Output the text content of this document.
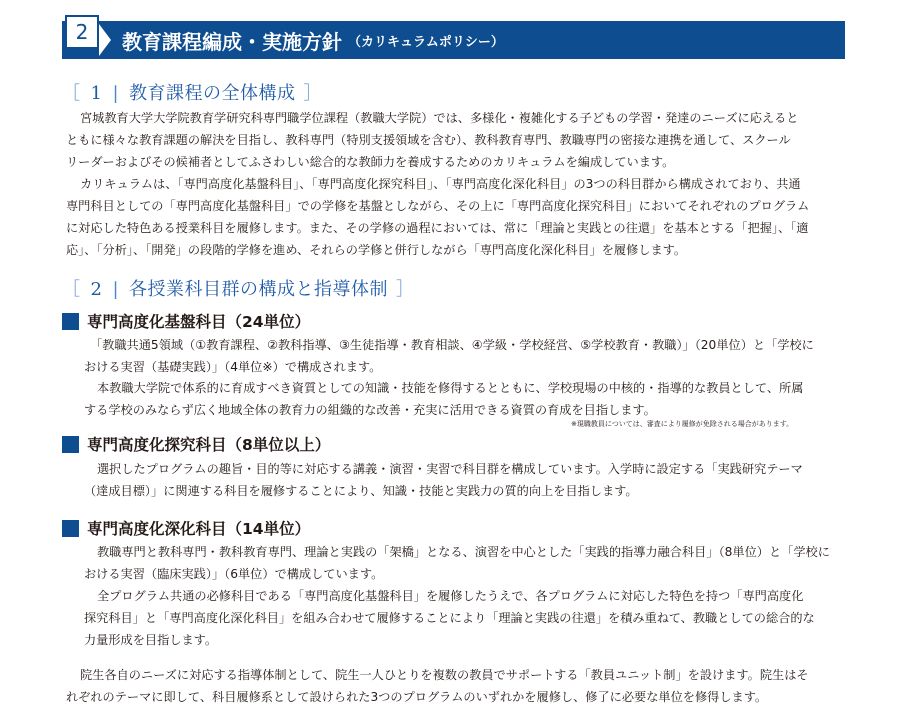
2 教育課程編成・実施方針 （カリキュラムポリシー）
［ 1 | 教育課程の全体構成 ］
宮城教育大学大学院教育学研究科専門職学位課程（教職大学院）では、多様化・複雑化する子どもの学習・発達のニーズに応えると
ともに様々な教育課題の解決を目指し、教科専門（特別支援領域を含む）、教科教育専門、教職専門の密接な連携を通して、スクール
リーダーおよびその候補者としてふさわしい総合的な教師力を養成するためのカリキュラムを編成しています。
カリキュラムは、「専門高度化基盤科目」、「専門高度化探究科目」、「専門高度化深化科目」の3つの科目群から構成されており、共通
専門科目としての「専門高度化基盤科目」での学修を基盤としながら、その上に「専門高度化探究科目」においてそれぞれのプログラム
に対応した特色ある授業科目を履修します。また、その学修の過程においては、常に「理論と実践との往還」を基本とする「把握」、「適
応」、「分析」、「開発」の段階的学修を進め、それらの学修と併行しながら「専門高度化深化科目」を履修します。
［ 2 | 各授業科目群の構成と指導体制 ］
専門高度化基盤科目（24単位）
「教職共通5領域（①教育課程、②教科指導、③生徒指導・教育相談、④学級・学校経営、⑤学校教育・教職）」（20単位）と「学校に
おける実習（基礎実践）」（4単位※）で構成されます。
本教職大学院で体系的に育成すべき資質としての知識・技能を修得するとともに、学校現場の中核的・指導的な教員として、所属
する学校のみならず広く地域全体の教育力の組織的な改善・充実に活用できる資質の育成を目指します。
※現職教員については、審査により履修が免除される場合があります。
専門高度化探究科目（8単位以上）
選択したプログラムの趣旨・目的等に対応する講義・演習・実習で科目群を構成しています。入学時に設定する「実践研究テーマ
（達成目標）」に関連する科目を履修することにより、知識・技能と実践力の質的向上を目指します。
専門高度化深化科目（14単位）
教職専門と教科専門・教科教育専門、理論と実践の「架橋」となる、演習を中心とした「実践的指導力融合科目」（8単位）と「学校に
おける実習（臨床実践）」（6単位）で構成しています。
全プログラム共通の必修科目である「専門高度化基盤科目」を履修したうえで、各プログラムに対応した特色を持つ「専門高度化
探究科目」と「専門高度化深化科目」を組み合わせて履修することにより「理論と実践の往還」を積み重ねて、教職としての総合的な
力量形成を目指します。
院生各自のニーズに対応する指導体制として、院生一人ひとりを複数の教員でサポートする「教員ユニット制」を設けます。院生はそ
れぞれのテーマに即して、科目履修系として設けられた3つのプログラムのいずれかを履修し、修了に必要な単位を修得します。
